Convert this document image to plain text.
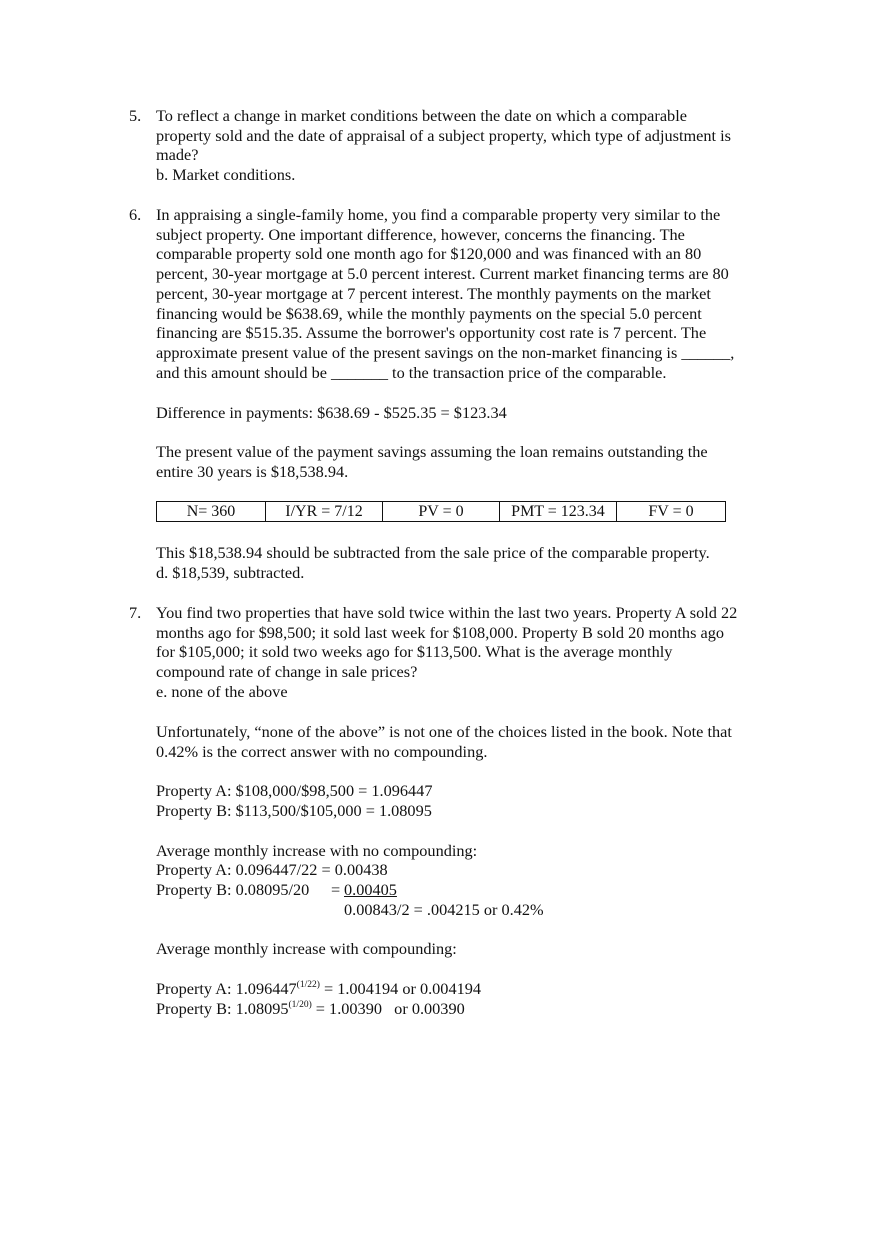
5. To reflect a change in market conditions between the date on which a comparable
property sold and the date of appraisal of a subject property, which type of adjustment is
made?
b. Market conditions.
6. In appraising a single-family home, you find a comparable property very similar to the
subject property. One important difference, however, concerns the financing. The
comparable property sold one month ago for $120,000 and was financed with an 80
percent, 30-year mortgage at 5.0 percent interest. Current market financing terms are 80
percent, 30-year mortgage at 7 percent interest. The monthly payments on the market
financing would be $638.69, while the monthly payments on the special 5.0 percent
financing are $515.35. Assume the borrower's opportunity cost rate is 7 percent. The
approximate present value of the present savings on the non-market financing is ______,
and this amount should be _______ to the transaction price of the comparable.
Difference in payments: $638.69 - $525.35 = $123.34
The present value of the payment savings assuming the loan remains outstanding the
entire 30 years is $18,538.94.
N= 360	I/YR = 7/12	PV = 0	PMT = 123.34	FV = 0
This $18,538.94 should be subtracted from the sale price of the comparable property.
d. $18,539, subtracted.
7. You find two properties that have sold twice within the last two years. Property A sold 22
months ago for $98,500; it sold last week for $108,000. Property B sold 20 months ago
for $105,000; it sold two weeks ago for $113,500. What is the average monthly
compound rate of change in sale prices?
e. none of the above
Unfortunately, “none of the above” is not one of the choices listed in the book. Note that
0.42% is the correct answer with no compounding.
Property A: $108,000/$98,500 = 1.096447
Property B: $113,500/$105,000 = 1.08095
Average monthly increase with no compounding:
Property A: 0.096447/22 = 0.00438
Property B: 0.08095/20 = 0.00405
0.00843/2 = .004215 or 0.42%
Average monthly increase with compounding:
Property A: $1.096447^{(1/22)} = 1.004194$ or 0.004194
Property B: $1.08095^{(1/20)} = 1.00390$   or 0.00390
